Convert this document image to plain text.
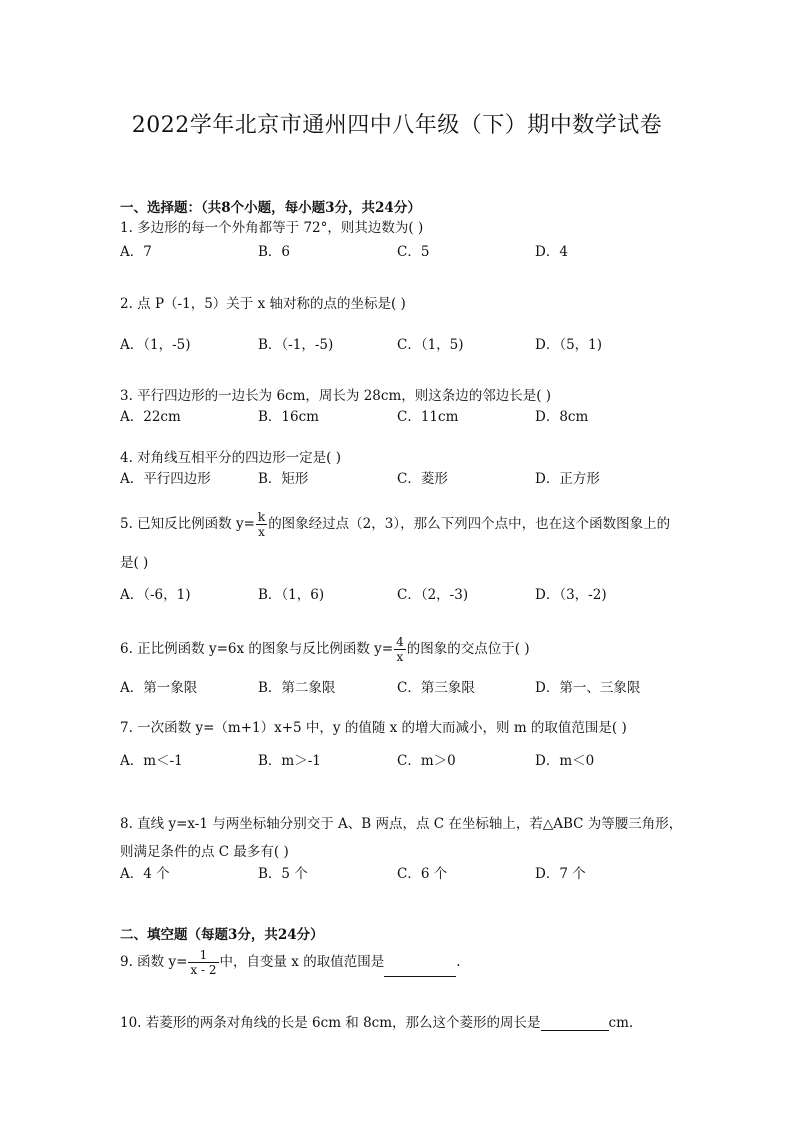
2022学年北京市通州四中八年级（下）期中数学试卷
一、选择题：（共8个小题，每小题3分，共24分）
1. 多边形的每一个外角都等于 72°，则其边数为( )
A．7	B．6	C．5	D．4
2. 点 P（-1，5）关于 x 轴对称的点的坐标是( )
A．（1，-5)	B．（-1，-5)	C．（1，5)	D．（5，1)
3. 平行四边形的一边长为 6cm，周长为 28cm，则这条边的邻边长是( )
A．22cm	B．16cm	C．11cm	D．8cm
4. 对角线互相平分的四边形一定是( )
A．平行四边形	B．矩形	C．菱形	D．正方形
5. 已知反比例函数 $y= \frac{k}{x}$ 的图象经过点（2，3），那么下列四个点中，也在这个函数图象上的
是( )
A．（-6，1)	B．（1，6)	C．（2，-3)	D．（3，-2)
6. 正比例函数 y=6x 的图象与反比例函数 $y= \frac{4}{x}$ 的图象的交点位于( )
A．第一象限	B．第二象限	C．第三象限	D．第一、三象限
7. 一次函数 y=（m+1）x+5 中，y 的值随 x 的增大而减小，则 m 的取值范围是( )
A．m＜-1	B．m＞-1	C．m＞0	D．m＜0
8. 直线 y=x-1 与两坐标轴分别交于 A、B 两点，点 C 在坐标轴上，若△ABC 为等腰三角形，
则满足条件的点 C 最多有( )
A．4 个	B．5 个	C．6 个	D．7 个
二、填空题（每题3分，共24分）
9. 函数 $y= \frac{1}{x - 2}$ 中，自变量 x 的取值范围是	.
10. 若菱形的两条对角线的长是 6cm 和 8cm，那么这个菱形的周长是	cm.
